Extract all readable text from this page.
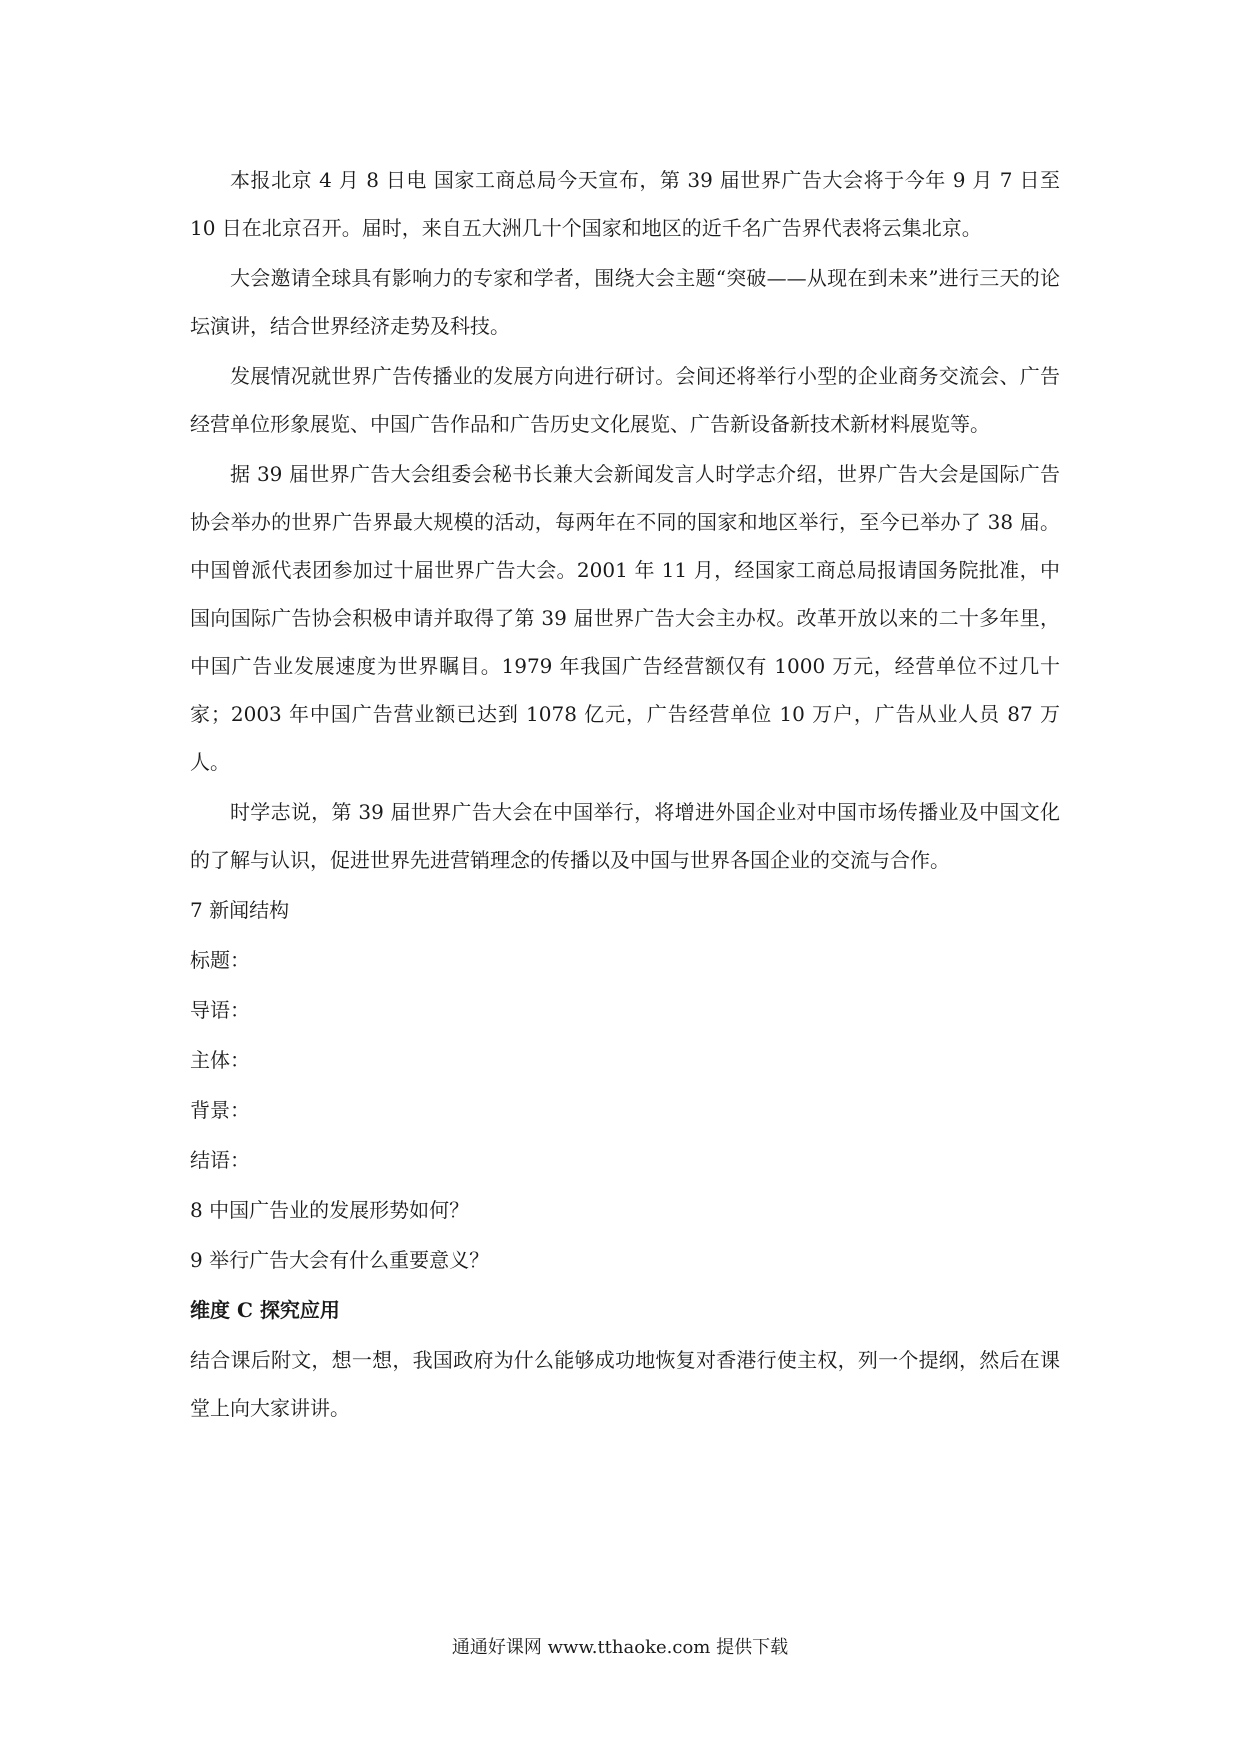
本报北京 4 月 8 日电 国家工商总局今天宣布，第 39 届世界广告大会将于今年 9 月 7 日至 10 日在北京召开。届时，来自五大洲几十个国家和地区的近千名广告界代表将云集北京。

大会邀请全球具有影响力的专家和学者，围绕大会主题“突破——从现在到未来”进行三天的论坛演讲，结合世界经济走势及科技。

发展情况就世界广告传播业的发展方向进行研讨。会间还将举行小型的企业商务交流会、广告经营单位形象展览、中国广告作品和广告历史文化展览、广告新设备新技术新材料展览等。

据 39 届世界广告大会组委会秘书长兼大会新闻发言人时学志介绍，世界广告大会是国际广告协会举办的世界广告界最大规模的活动，每两年在不同的国家和地区举行，至今已举办了 38 届。中国曾派代表团参加过十届世界广告大会。2001 年 11 月，经国家工商总局报请国务院批准，中国向国际广告协会积极申请并取得了第 39 届世界广告大会主办权。改革开放以来的二十多年里，中国广告业发展速度为世界瞩目。1979 年我国广告经营额仅有 1000 万元，经营单位不过几十家；2003 年中国广告营业额已达到 1078 亿元，广告经营单位 10 万户，广告从业人员 87 万人。

时学志说，第 39 届世界广告大会在中国举行，将增进外国企业对中国市场传播业及中国文化的了解与认识，促进世界先进营销理念的传播以及中国与世界各国企业的交流与合作。

7 新闻结构

标题：

导语：

主体：

背景：

结语：

8 中国广告业的发展形势如何？

9 举行广告大会有什么重要意义？

维度 C 探究应用

结合课后附文，想一想，我国政府为什么能够成功地恢复对香港行使主权，列一个提纲，然后在课堂上向大家讲讲。

通通好课网 www.tthaoke.com 提供下载
